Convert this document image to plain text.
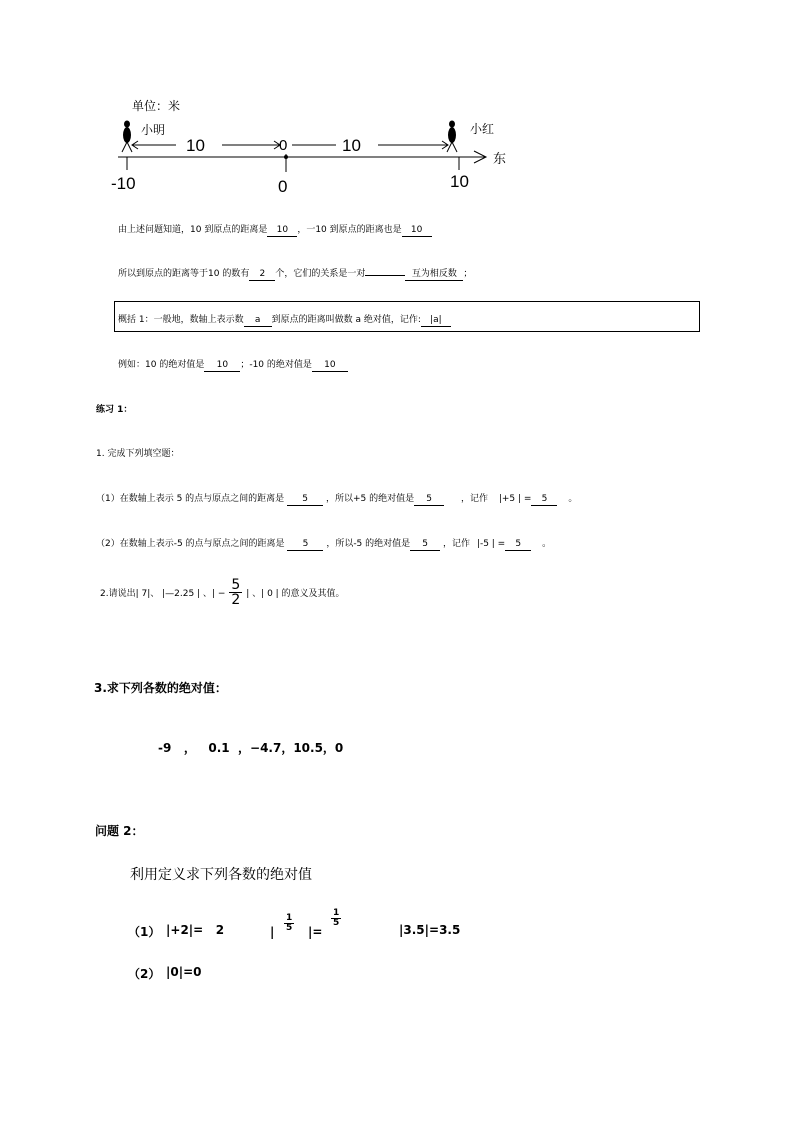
单位：米
小明	小红
10	0	10
东
-10	0	10
由上述问题知道，10 到原点的距离是 10 ，一10 到原点的距离也是 10
所以到原点的距离等于10 的数有 2 个，它们的关系是一对	互为相反数 ；
概括 1：一般地，数轴上表示数 a 到原点的距离叫做数 a 绝对值，记作: |a|
例如：10 的绝对值是 10 ；-10 的绝对值是 10
练习 1：
1. 完成下列填空题：
（1）在数轴上表示 5 的点与原点之间的距离是 5 ，所以+5 的绝对值是 5	，记作 |+5 | = 5 。
（2）在数轴上表示-5 的点与原点之间的距离是 5 ，所以-5 的绝对值是 5 ，记作 |-5 | = 5 。
2.请说出| 7|、 |—2.25 | 、| − $\frac{5}{2}$ | 、| 0 | 的意义及其值。
3.求下列各数的绝对值：
-9   ，   0.1  ，−4.7，10.5，0
问题 2：
利用定义求下列各数的绝对值
（1） |+2|=   2	| $\frac{1}{5}$ |=
$\frac{1}{5}$
|3.5|=3.5
（2） |0|=0
